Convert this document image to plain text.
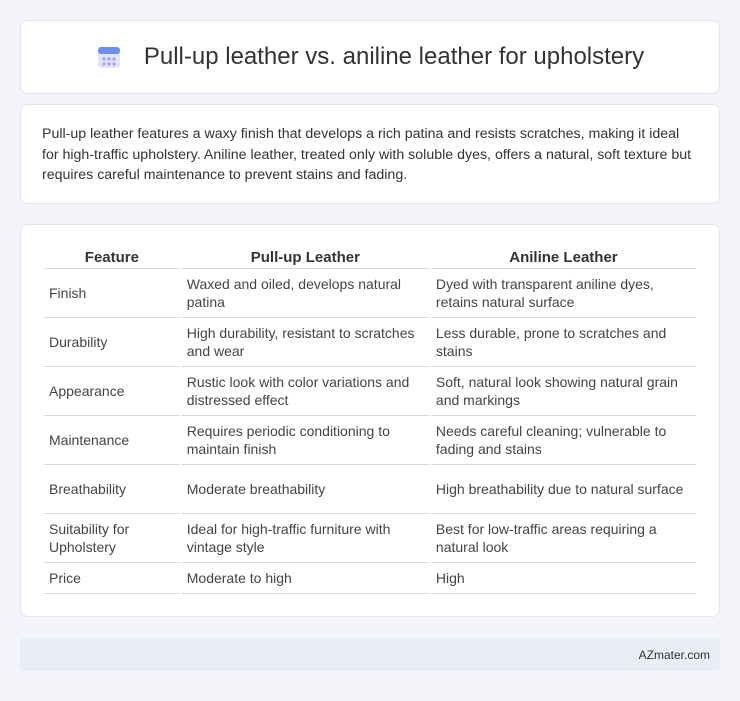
Pull-up leather vs. aniline leather for upholstery

Pull-up leather features a waxy finish that develops a rich patina and resists scratches, making it ideal for high-traffic upholstery. Aniline leather, treated only with soluble dyes, offers a natural, soft texture but requires careful maintenance to prevent stains and fading.

Feature	Pull-up Leather	Aniline Leather
Finish	Waxed and oiled, develops natural patina	Dyed with transparent aniline dyes, retains natural surface
Durability	High durability, resistant to scratches and wear	Less durable, prone to scratches and stains
Appearance	Rustic look with color variations and distressed effect	Soft, natural look showing natural grain and markings
Maintenance	Requires periodic conditioning to maintain finish	Needs careful cleaning; vulnerable to fading and stains
Breathability	Moderate breathability	High breathability due to natural surface
Suitability for Upholstery	Ideal for high-traffic furniture with vintage style	Best for low-traffic areas requiring a natural look
Price	Moderate to high	High
AZmater.com
